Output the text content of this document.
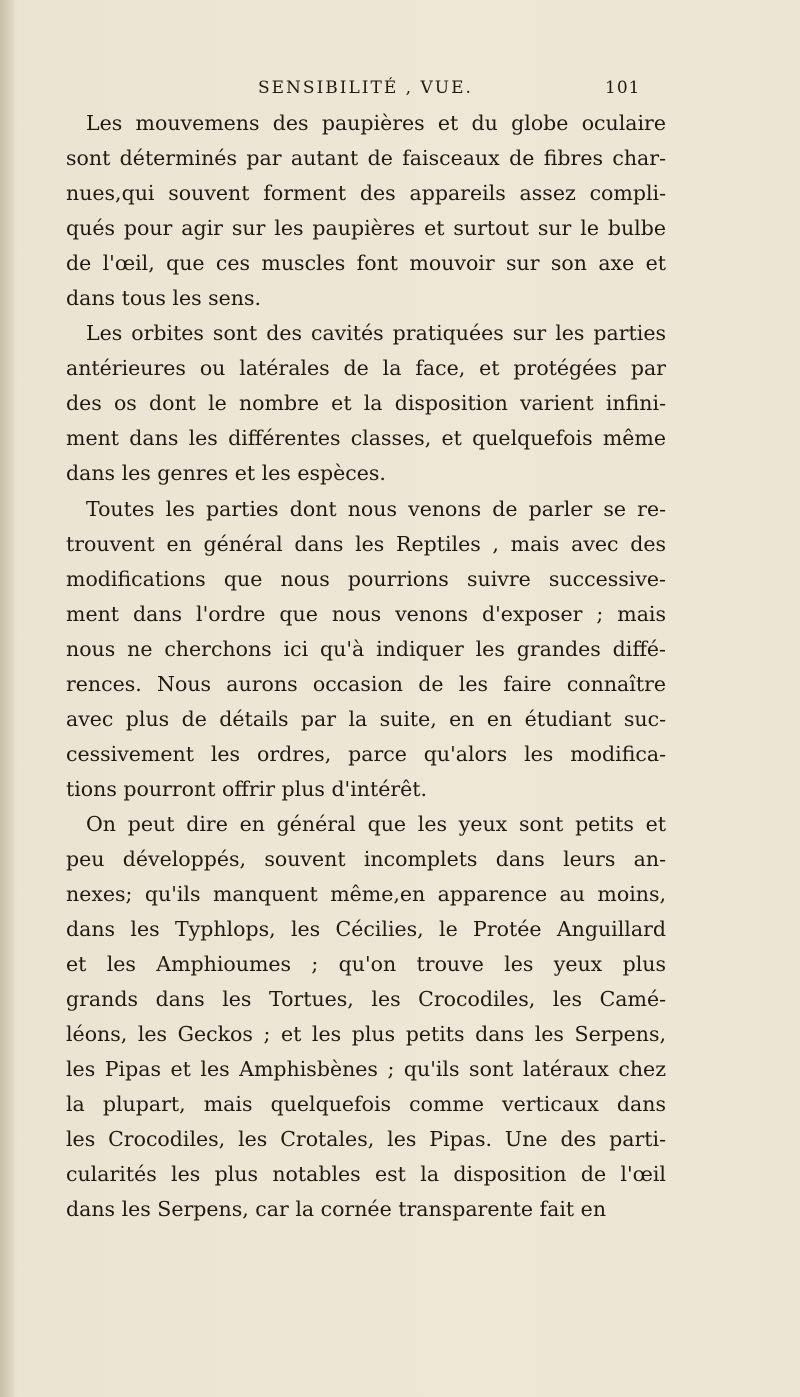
SENSIBILITÉ , VUE.	101
Les mouvemens des paupières et du globe oculaire
sont déterminés par autant de faisceaux de fibres char-
nues,qui souvent forment des appareils assez compli-
qués pour agir sur les paupières et surtout sur le bulbe
de l'œil, que ces muscles font mouvoir sur son axe et
dans tous les sens.
Les orbites sont des cavités pratiquées sur les parties
antérieures ou latérales de la face, et protégées par
des os dont le nombre et la disposition varient infini-
ment dans les différentes classes, et quelquefois même
dans les genres et les espèces.
Toutes les parties dont nous venons de parler se re-
trouvent en général dans les Reptiles , mais avec des
modifications que nous pourrions suivre successive-
ment dans l'ordre que nous venons d'exposer ; mais
nous ne cherchons ici qu'à indiquer les grandes diffé-
rences. Nous aurons occasion de les faire connaître
avec plus de détails par la suite, en en étudiant suc-
cessivement les ordres, parce qu'alors les modifica-
tions pourront offrir plus d'intérêt.
On peut dire en général que les yeux sont petits et
peu développés, souvent incomplets dans leurs an-
nexes; qu'ils manquent même,en apparence au moins,
dans les Typhlops, les Cécilies, le Protée Anguillard
et les Amphioumes ; qu'on trouve les yeux plus
grands dans les Tortues, les Crocodiles, les Camé-
léons, les Geckos ; et les plus petits dans les Serpens,
les Pipas et les Amphisbènes ; qu'ils sont latéraux chez
la plupart, mais quelquefois comme verticaux dans
les Crocodiles, les Crotales, les Pipas. Une des parti-
cularités les plus notables est la disposition de l'œil
dans les Serpens, car la cornée transparente fait en
